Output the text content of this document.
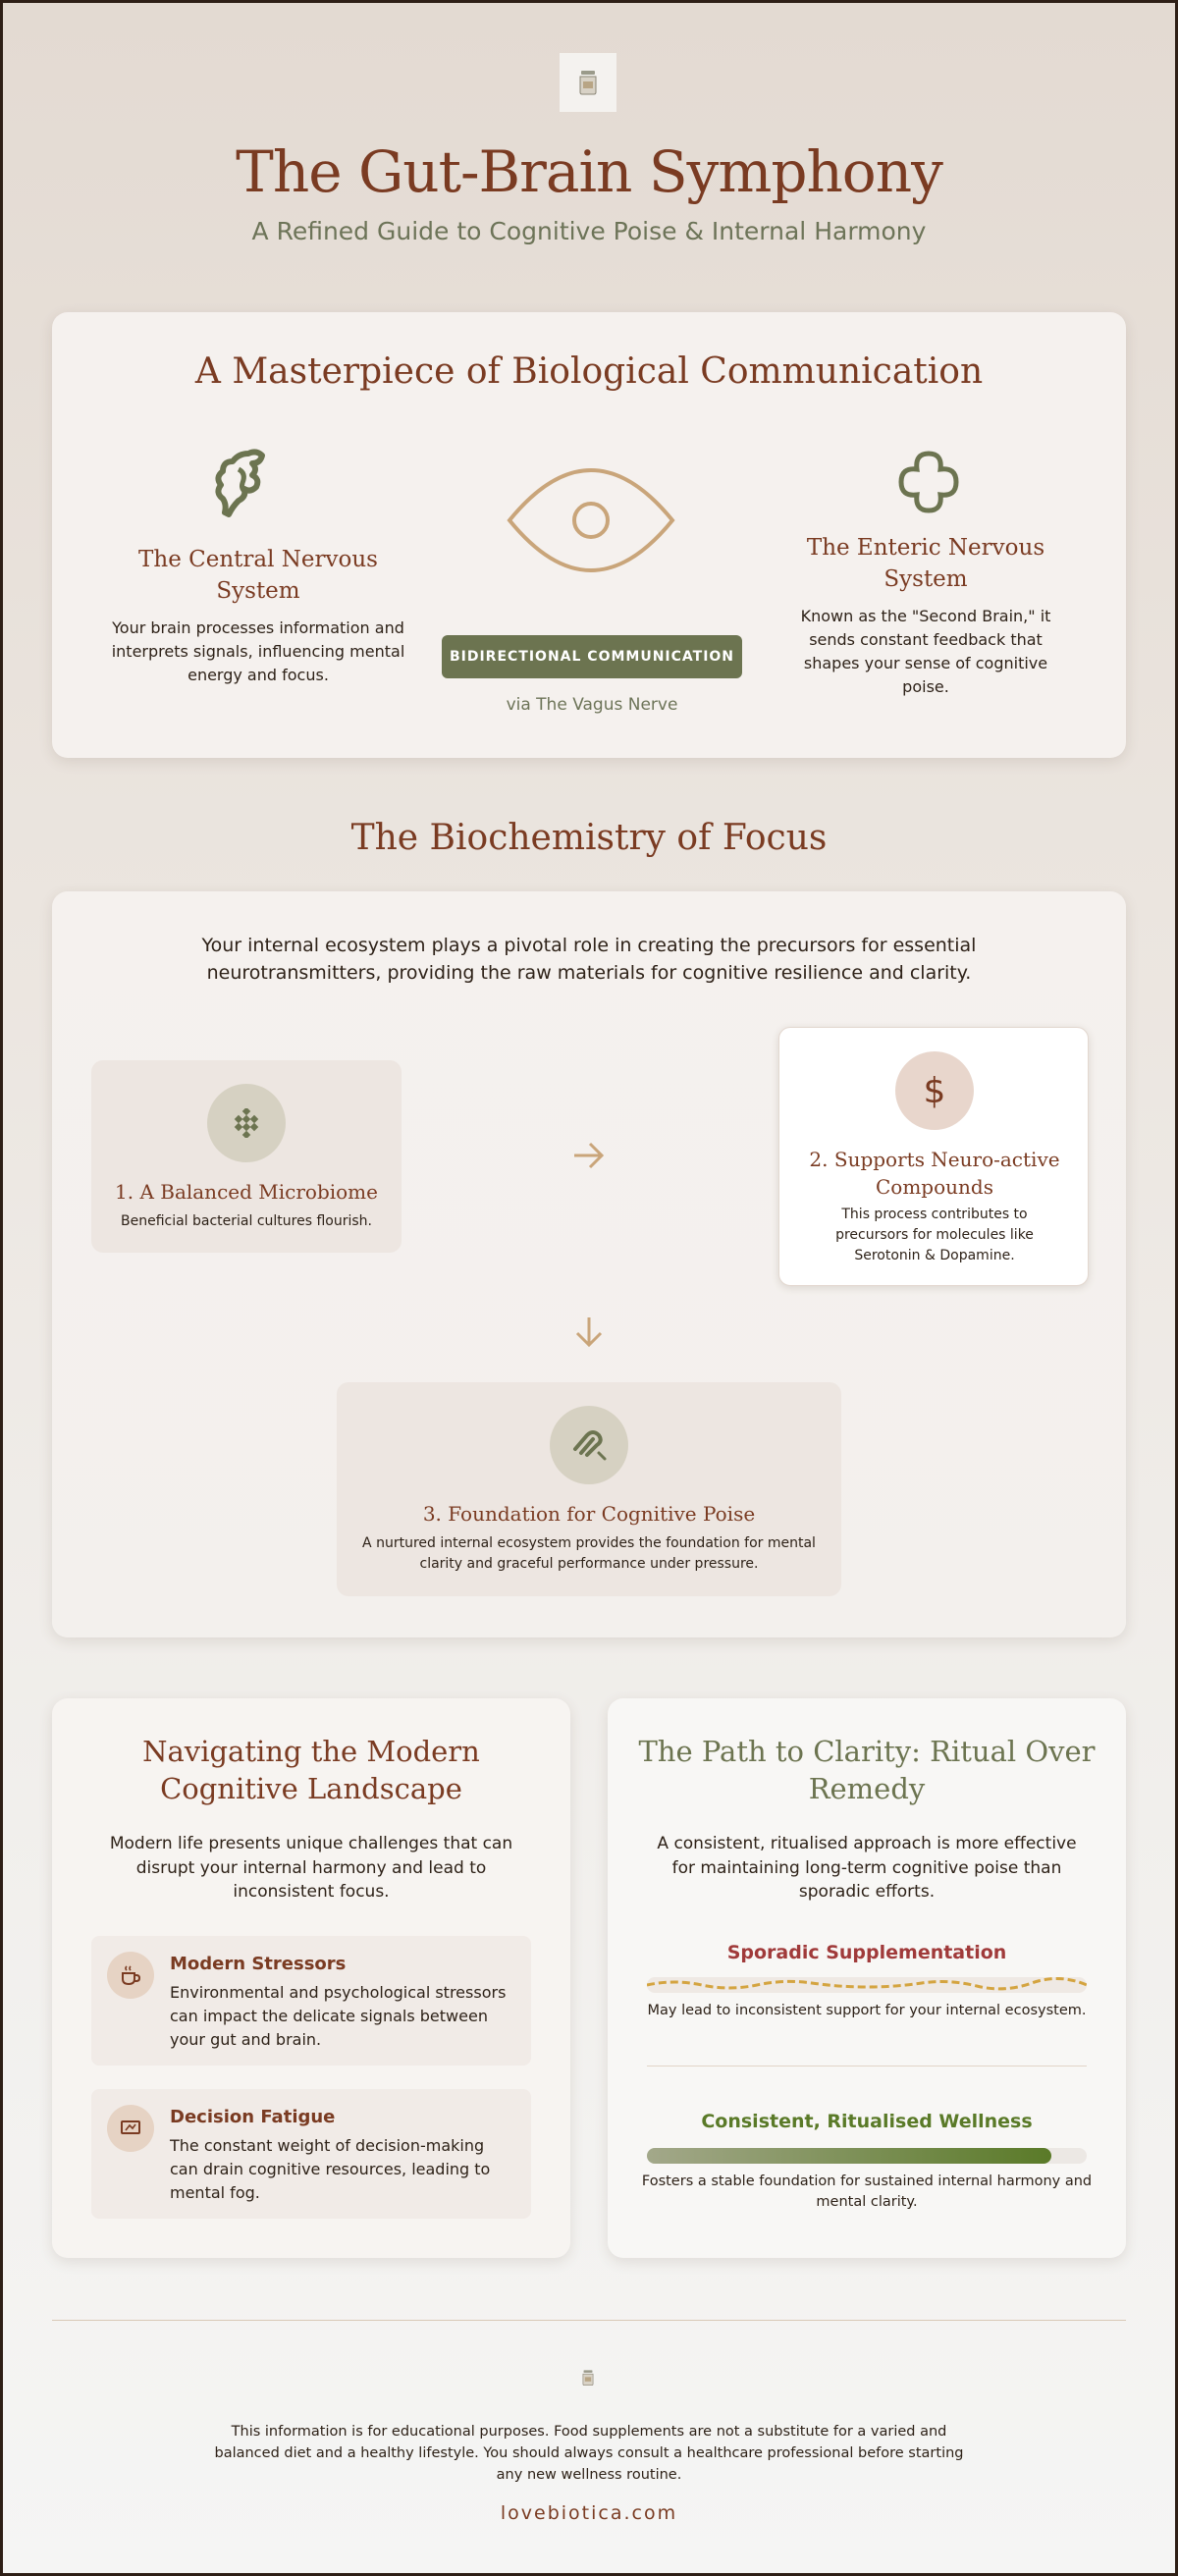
The Gut-Brain Symphony
A Refined Guide to Cognitive Poise & Internal Harmony
A Masterpiece of Biological Communication
The Central Nervous System
Your brain processes information and interprets signals, influencing mental energy and focus.
BIDIRECTIONAL COMMUNICATION
via The Vagus Nerve
The Enteric Nervous System
Known as the "Second Brain," it sends constant feedback that shapes your sense of cognitive poise.
The Biochemistry of Focus
Your internal ecosystem plays a pivotal role in creating the precursors for essential neurotransmitters, providing the raw materials for cognitive resilience and clarity.
1. A Balanced Microbiome
Beneficial bacterial cultures flourish.
$
2. Supports Neuro-active Compounds
This process contributes to precursors for molecules like Serotonin & Dopamine.
3. Foundation for Cognitive Poise
A nurtured internal ecosystem provides the foundation for mental clarity and graceful performance under pressure.
Navigating the Modern Cognitive Landscape
Modern life presents unique challenges that can disrupt your internal harmony and lead to inconsistent focus.
Modern Stressors
Environmental and psychological stressors can impact the delicate signals between your gut and brain.
Decision Fatigue
The constant weight of decision-making can drain cognitive resources, leading to mental fog.
The Path to Clarity: Ritual Over Remedy
A consistent, ritualised approach is more effective for maintaining long-term cognitive poise than sporadic efforts.
Sporadic Supplementation
May lead to inconsistent support for your internal ecosystem.
Consistent, Ritualised Wellness
Fosters a stable foundation for sustained internal harmony and mental clarity.
This information is for educational purposes. Food supplements are not a substitute for a varied and balanced diet and a healthy lifestyle. You should always consult a healthcare professional before starting any new wellness routine.
lovebiotica.com
